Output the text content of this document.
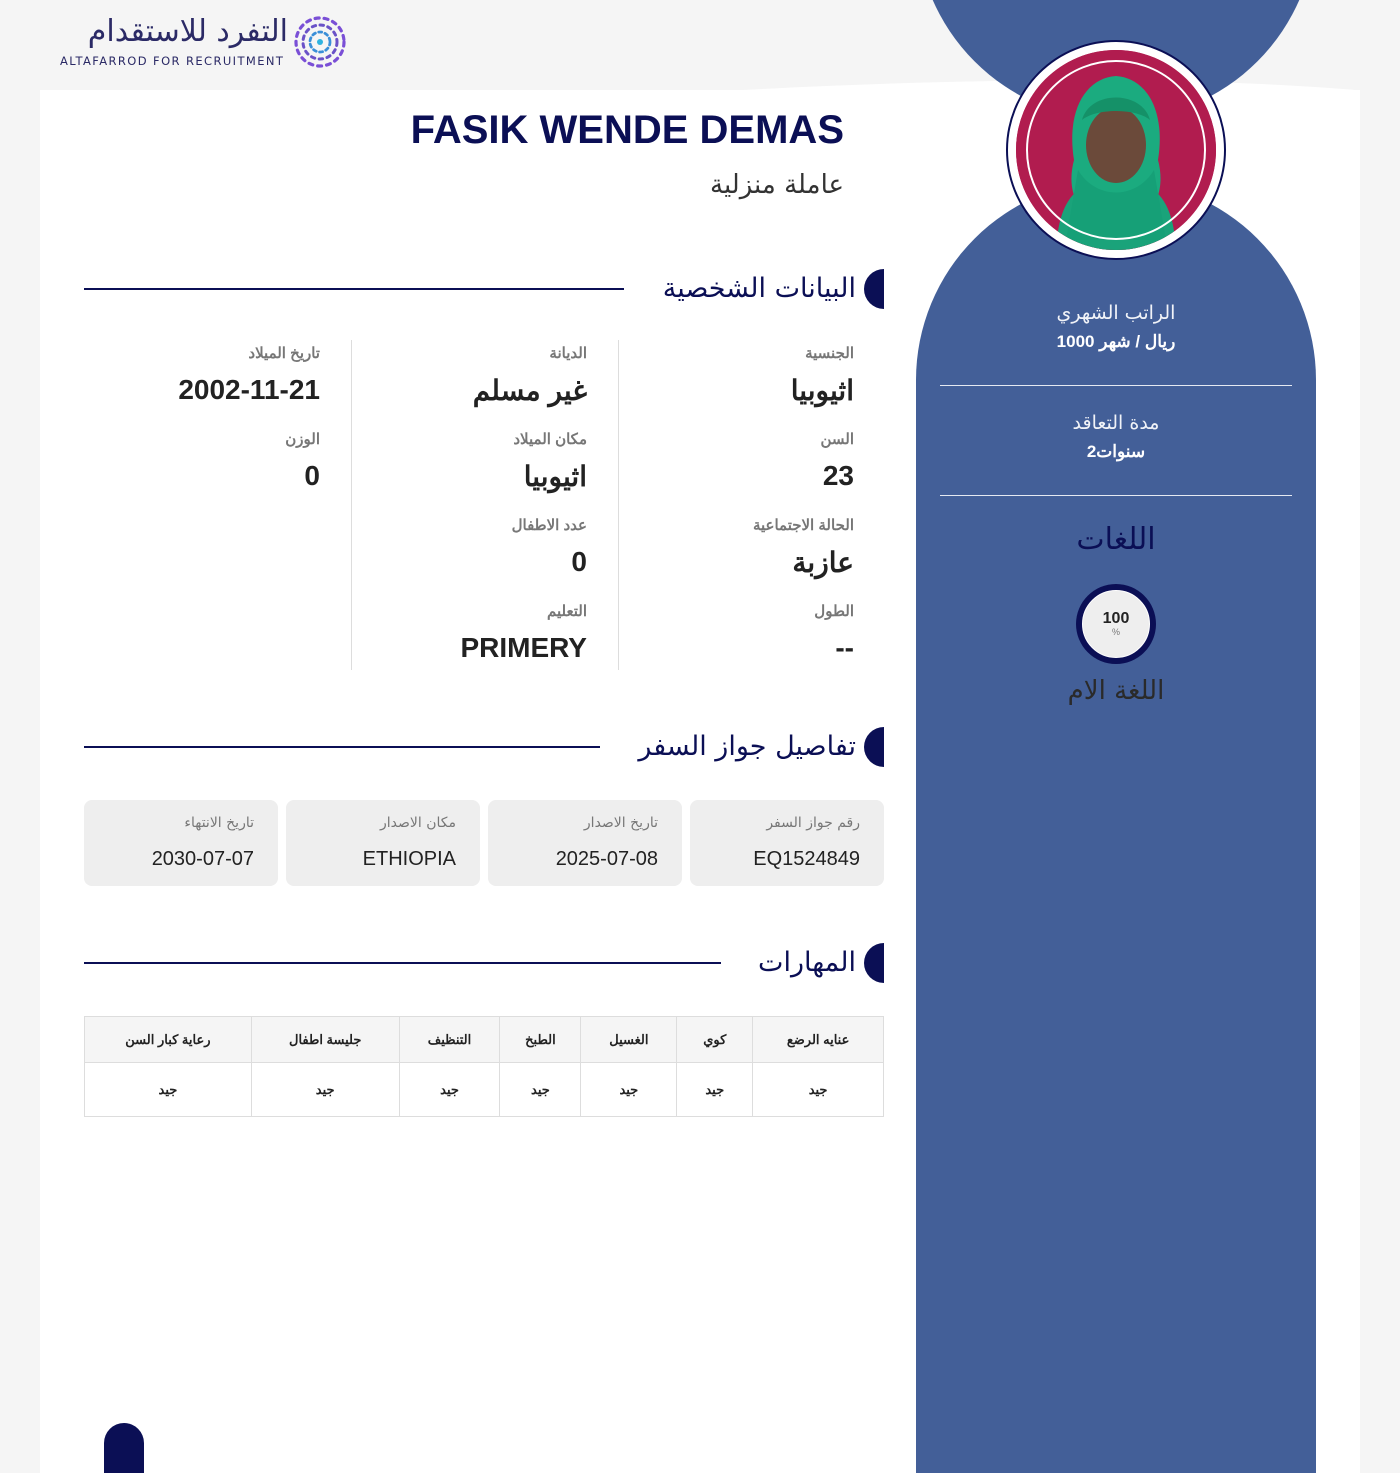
التفرد للاستقدام
ALTAFARROD FOR RECRUITMENT
الراتب الشهري
1000 ريال / شهر
مدة التعاقد
2سنوات
اللغات
100
%
اللغة الام
FASIK WENDE DEMAS
عاملة منزلية
البيانات الشخصية
الجنسية
اثيوبيا
السن
23
الحالة الاجتماعية
عازبة
الطول
--
الديانة
غير مسلم
مكان الميلاد
اثيوبيا
عدد الاطفال
0
التعليم
PRIMERY
تاريخ الميلاد
2002-11-21
الوزن
0
تفاصيل جواز السفر
رقم جواز السفر
EQ1524849
تاريخ الاصدار
2025-07-08
مكان الاصدار
ETHIOPIA
تاريخ الانتهاء
2030-07-07
المهارات
عنايه الرضع	كوي	الغسيل	الطبخ	التنظيف	جليسة اطفال	رعاية كبار السن
جيد	جيد	جيد	جيد	جيد	جيد	جيد
